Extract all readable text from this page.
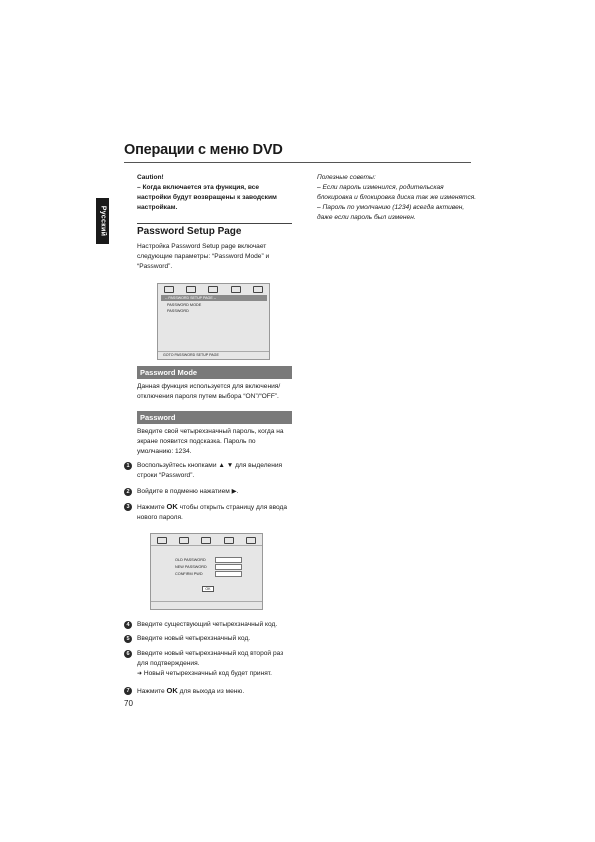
Операции с меню DVD
Русский
Caution!
– Когда включается эта функция, все настройки будут возвращены к заводским настройкам.
Полезные советы:
– Если пароль изменился, родительская блокировка и блокировка диска так же изменятся.
– Пароль по умолчанию (1234) всегда активен, даже если пароль был изменен.
Password Setup Page
Настройка Password Setup page включает следующие параметры: “Password Mode” и “Password”.
-- PASSWORD SETUP PAGE --
PASSWORD MODE
PASSWORD
GOTO PASSWORD SETUP PAGE
Password Mode
Данная функция используется для включения/отключения пароля путем выбора “ON”/“OFF”.
Password
Введите свой четырехзначный пароль, когда на экране появится подсказка. Пароль по умолчанию: 1234.
1	Воспользуйтесь кнопками ▲ ▼ для выделения строки “Password”.
2	Войдите в подменю нажатием ▶.
3	Нажмите OK чтобы открыть страницу для ввода нового пароля.
OLD PASSWORD
NEW PASSWORD
CONFIRM PWD
OK
4	Введите существующий четырехзначный код.
5	Введите новый четырехзначный код.
6	Введите новый четырехзначный код второй раз для подтверждения.
➜ Новый четырехзначный код будет принят.
7	Нажмите OK для выхода из меню.
70
